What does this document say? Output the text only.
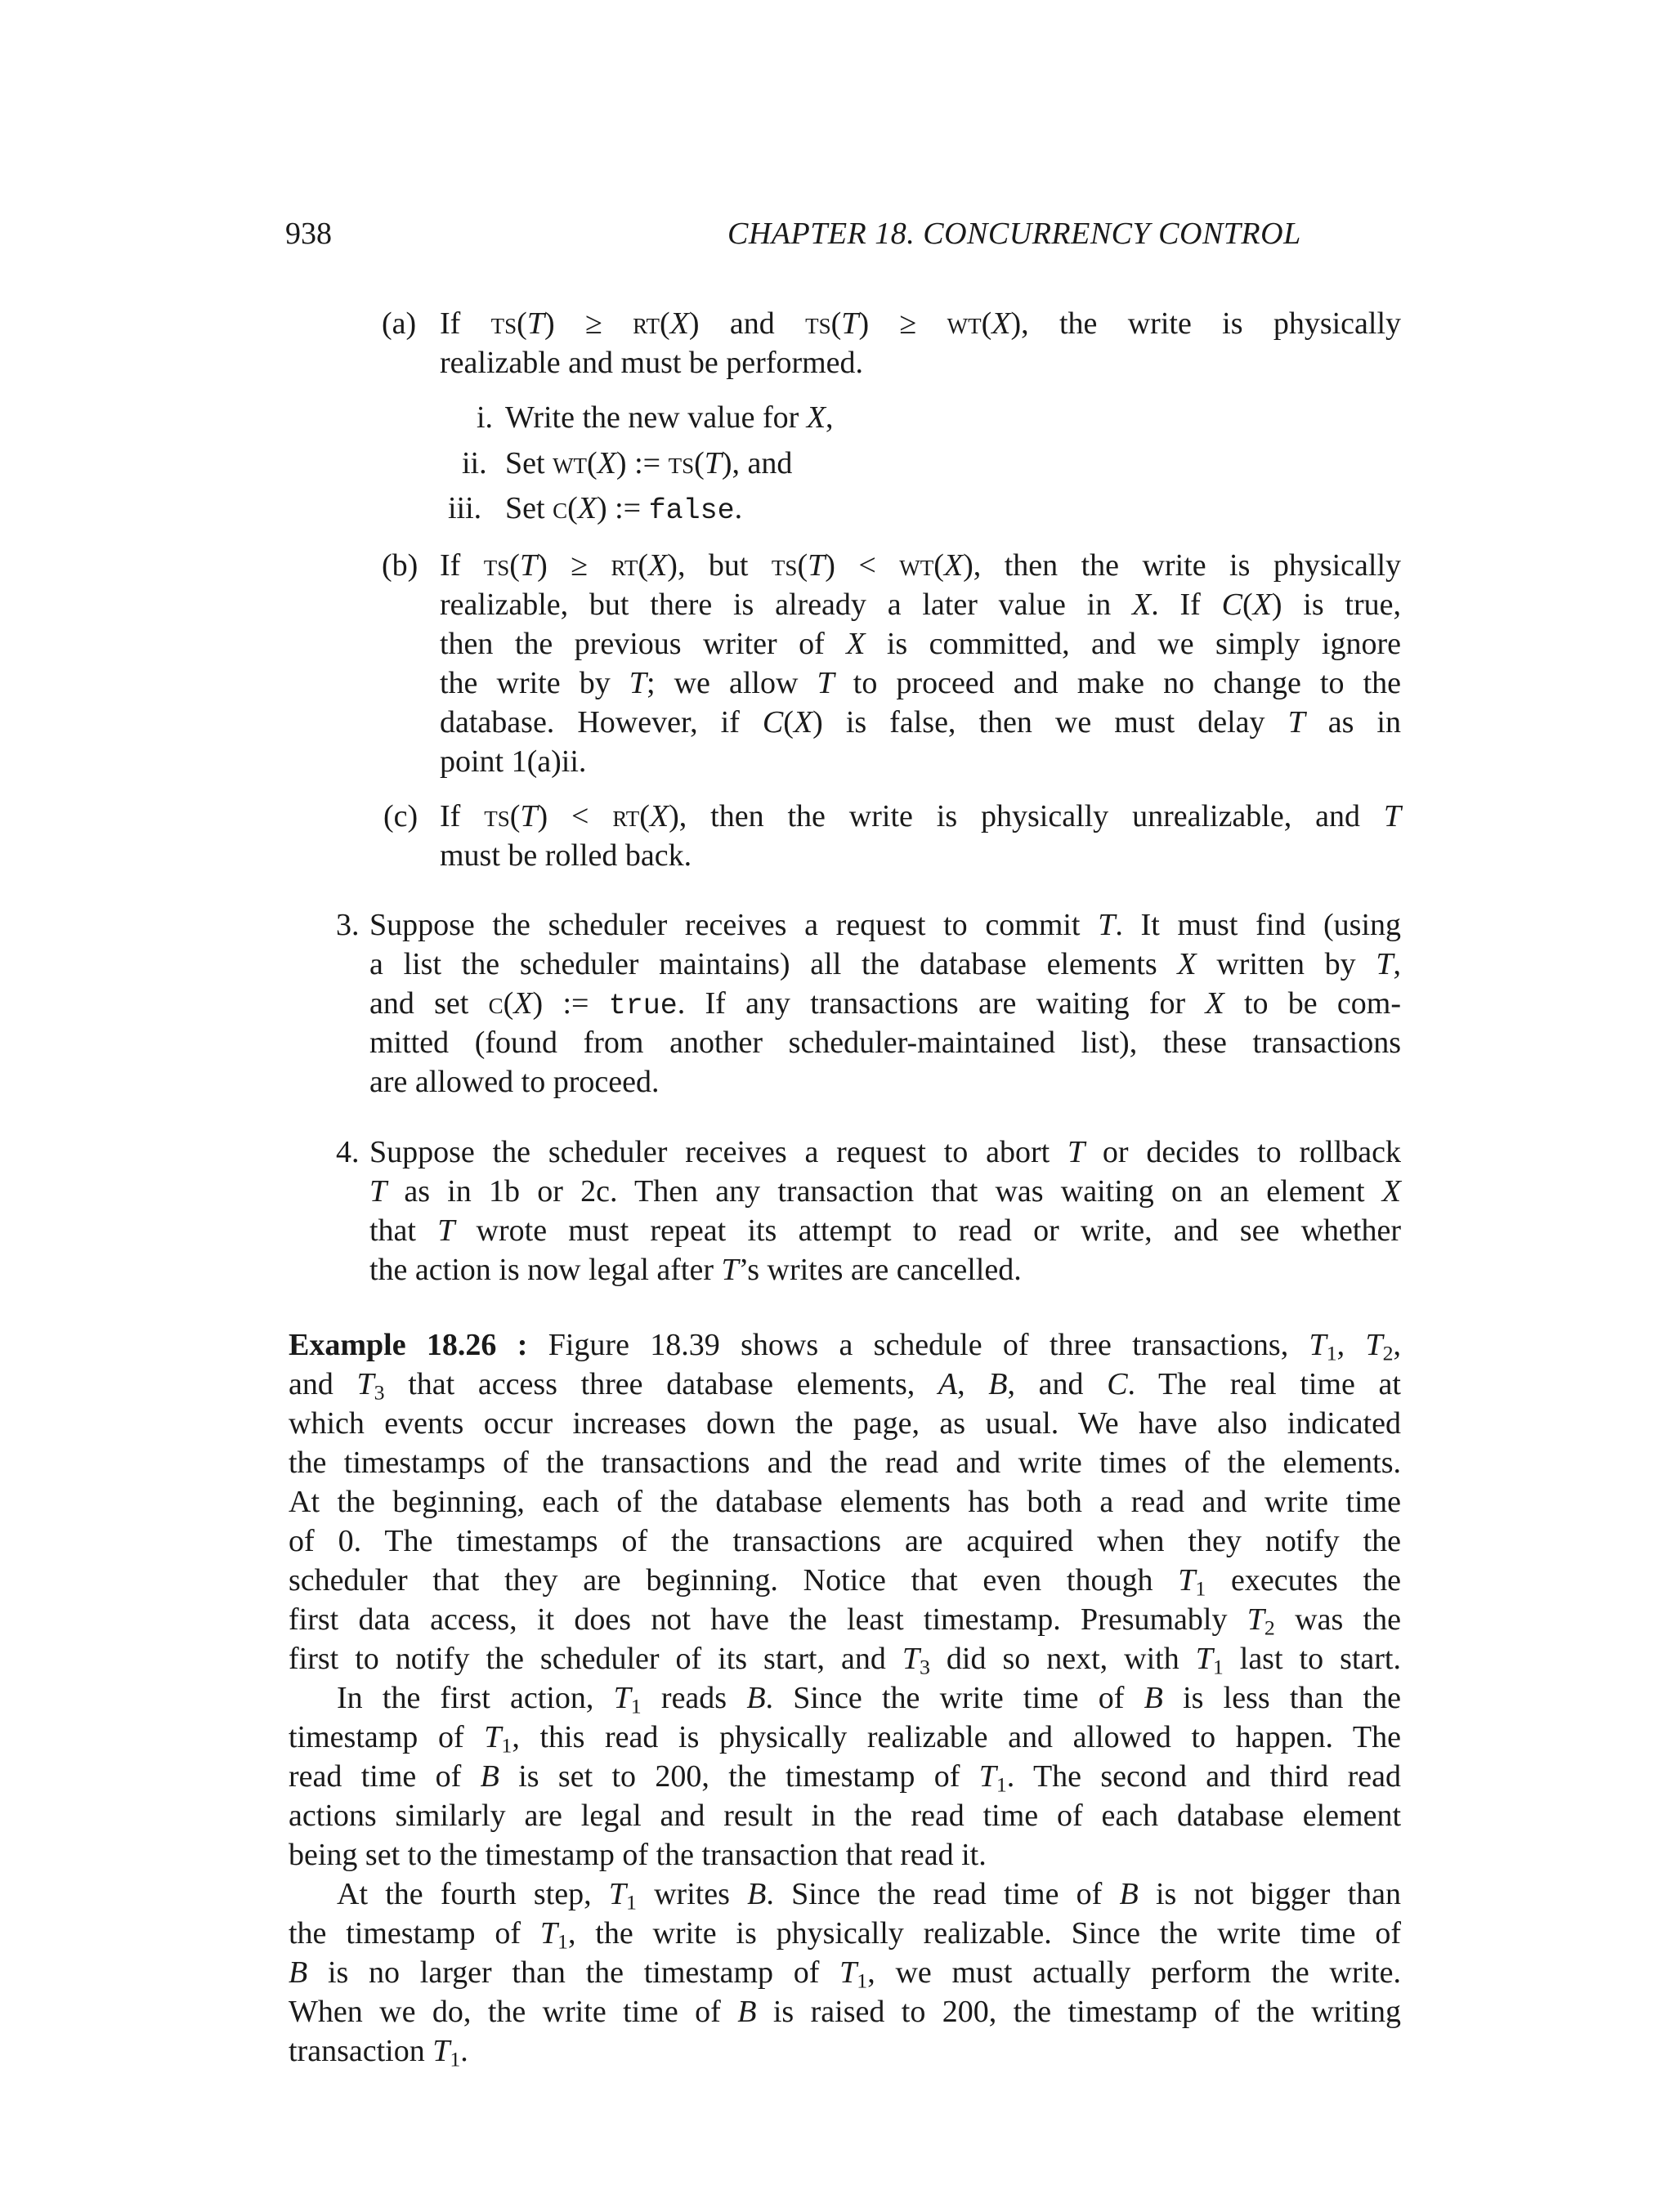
938	CHAPTER 18. CONCURRENCY CONTROL
(a) If ts(T) ≥ rt(X) and ts(T) ≥ wt(X), the write is physically
realizable and must be performed.
i. Write the new value for X,
ii. Set wt(X) := ts(T), and
iii. Set c(X) := false.
(b) If ts(T) ≥ rt(X), but ts(T) < wt(X), then the write is physically
realizable, but there is already a later value in X. If C(X) is true,
then the previous writer of X is committed, and we simply ignore
the write by T; we allow T to proceed and make no change to the
database. However, if C(X) is false, then we must delay T as in
point 1(a)ii.
(c) If ts(T) < rt(X), then the write is physically unrealizable, and T
must be rolled back.
3. Suppose the scheduler receives a request to commit T. It must find (using
a list the scheduler maintains) all the database elements X written by T,
and set c(X) := true. If any transactions are waiting for X to be com-
mitted (found from another scheduler-maintained list), these transactions
are allowed to proceed.
4. Suppose the scheduler receives a request to abort T or decides to rollback
T as in 1b or 2c. Then any transaction that was waiting on an element X
that T wrote must repeat its attempt to read or write, and see whether
the action is now legal after T’s writes are cancelled.
Example 18.26 : Figure 18.39 shows a schedule of three transactions, $T_1$, $T_2$,
and $T_3$ that access three database elements, A, B, and C. The real time at
which events occur increases down the page, as usual. We have also indicated
the timestamps of the transactions and the read and write times of the elements.
At the beginning, each of the database elements has both a read and write time
of 0. The timestamps of the transactions are acquired when they notify the
scheduler that they are beginning. Notice that even though $T_1$ executes the
first data access, it does not have the least timestamp. Presumably $T_2$ was the
first to notify the scheduler of its start, and $T_3$ did so next, with $T_1$ last to start.
In the first action, $T_1$ reads B. Since the write time of B is less than the
timestamp of $T_1$, this read is physically realizable and allowed to happen. The
read time of B is set to 200, the timestamp of $T_1$. The second and third read
actions similarly are legal and result in the read time of each database element
being set to the timestamp of the transaction that read it.
At the fourth step, $T_1$ writes B. Since the read time of B is not bigger than
the timestamp of $T_1$, the write is physically realizable. Since the write time of
B is no larger than the timestamp of $T_1$, we must actually perform the write.
When we do, the write time of B is raised to 200, the timestamp of the writing
transaction $T_1$.
